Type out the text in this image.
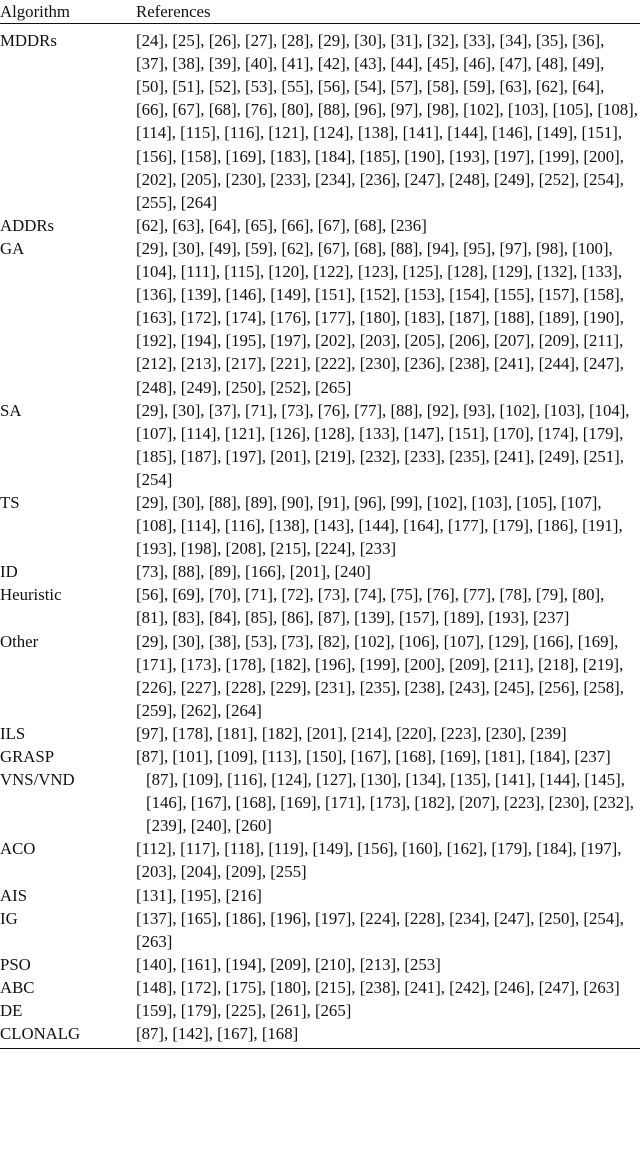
Algorithm	References
MDDRs	[24], [25], [26], [27], [28], [29], [30], [31], [32], [33], [34], [35], [36], [37], [38], [39], [40], [41], [42], [43], [44], [45], [46], [47], [48], [49], [50], [51], [52], [53], [55], [56], [54], [57], [58], [59], [63], [62], [64], [66], [67], [68], [76], [80], [88], [96], [97], [98], [102], [103], [105], [108], [114], [115], [116], [121], [124], [138], [141], [144], [146], [149], [151], [156], [158], [169], [183], [184], [185], [190], [193], [197], [199], [200], [202], [205], [230], [233], [234], [236], [247], [248], [249], [252], [254], [255], [264]
ADDRs	[62], [63], [64], [65], [66], [67], [68], [236]
GA	[29], [30], [49], [59], [62], [67], [68], [88], [94], [95], [97], [98], [100], [104], [111], [115], [120], [122], [123], [125], [128], [129], [132], [133], [136], [139], [146], [149], [151], [152], [153], [154], [155], [157], [158], [163], [172], [174], [176], [177], [180], [183], [187], [188], [189], [190], [192], [194], [195], [197], [202], [203], [205], [206], [207], [209], [211], [212], [213], [217], [221], [222], [230], [236], [238], [241], [244], [247], [248], [249], [250], [252], [265]
SA	[29], [30], [37], [71], [73], [76], [77], [88], [92], [93], [102], [103], [104], [107], [114], [121], [126], [128], [133], [147], [151], [170], [174], [179], [185], [187], [197], [201], [219], [232], [233], [235], [241], [249], [251], [254]
TS	[29], [30], [88], [89], [90], [91], [96], [99], [102], [103], [105], [107], [108], [114], [116], [138], [143], [144], [164], [177], [179], [186], [191], [193], [198], [208], [215], [224], [233]
ID	[73], [88], [89], [166], [201], [240]
Heuristic	[56], [69], [70], [71], [72], [73], [74], [75], [76], [77], [78], [79], [80], [81], [83], [84], [85], [86], [87], [139], [157], [189], [193], [237]
Other	[29], [30], [38], [53], [73], [82], [102], [106], [107], [129], [166], [169], [171], [173], [178], [182], [196], [199], [200], [209], [211], [218], [219], [226], [227], [228], [229], [231], [235], [238], [243], [245], [256], [258], [259], [262], [264]
ILS	[97], [178], [181], [182], [201], [214], [220], [223], [230], [239]
GRASP	[87], [101], [109], [113], [150], [167], [168], [169], [181], [184], [237]
VNS/VND	[87], [109], [116], [124], [127], [130], [134], [135], [141], [144], [145], [146], [167], [168], [169], [171], [173], [182], [207], [223], [230], [232], [239], [240], [260]
ACO	[112], [117], [118], [119], [149], [156], [160], [162], [179], [184], [197], [203], [204], [209], [255]
AIS	[131], [195], [216]
IG	[137], [165], [186], [196], [197], [224], [228], [234], [247], [250], [254], [263]
PSO	[140], [161], [194], [209], [210], [213], [253]
ABC	[148], [172], [175], [180], [215], [238], [241], [242], [246], [247], [263]
DE	[159], [179], [225], [261], [265]
CLONALG	[87], [142], [167], [168]
